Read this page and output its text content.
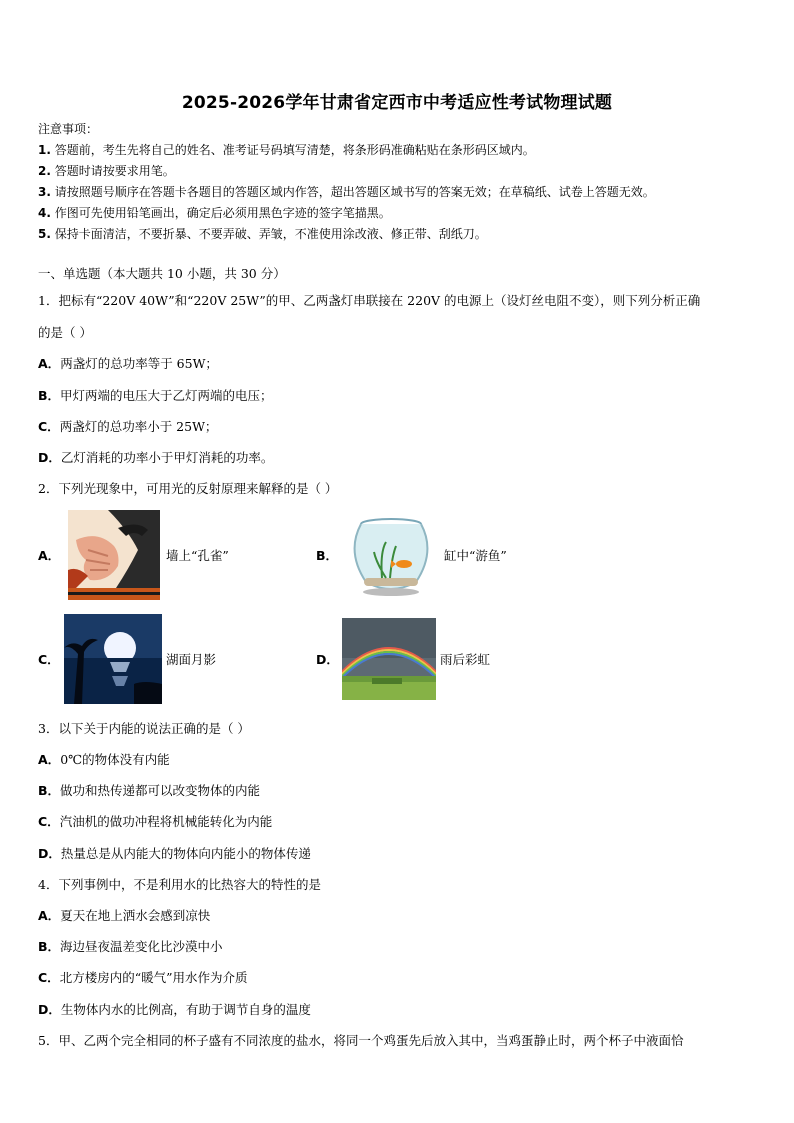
2025-2026学年甘肃省定西市中考适应性考试物理试题
注意事项：
1. 答题前，考生先将自己的姓名、准考证号码填写清楚，将条形码准确粘贴在条形码区域内。
2. 答题时请按要求用笔。
3. 请按照题号顺序在答题卡各题目的答题区域内作答，超出答题区域书写的答案无效；在草稿纸、试卷上答题无效。
4. 作图可先使用铅笔画出，确定后必须用黑色字迹的签字笔描黑。
5. 保持卡面清洁，不要折暴、不要弄破、弄皱，不准使用涂改液、修正带、刮纸刀。
一、单选题（本大题共 10 小题，共 30 分）
1．把标有“220V 40W”和“220V 25W”的甲、乙两盏灯串联接在 220V 的电源上（设灯丝电阻不变），则下列分析正确
的是（ ）
A．两盏灯的总功率等于 65W；
B．甲灯两端的电压大于乙灯两端的电压；
C．两盏灯的总功率小于 25W；
D．乙灯消耗的功率小于甲灯消耗的功率。
2．下列光现象中，可用光的反射原理来解释的是（ ）
A．	墙上“孔雀”	B．	缸中“游鱼”
C．	湖面月影	D．	雨后彩虹
3．以下关于内能的说法正确的是（ ）
A．0℃的物体没有内能
B．做功和热传递都可以改变物体的内能
C．汽油机的做功冲程将机械能转化为内能
D．热量总是从内能大的物体向内能小的物体传递
4．下列事例中，不是利用水的比热容大的特性的是
A．夏天在地上洒水会感到凉快
B．海边昼夜温差变化比沙漠中小
C．北方楼房内的“暖气”用水作为介质
D．生物体内水的比例高，有助于调节自身的温度
5．甲、乙两个完全相同的杯子盛有不同浓度的盐水，将同一个鸡蛋先后放入其中，当鸡蛋静止时，两个杯子中液面恰
